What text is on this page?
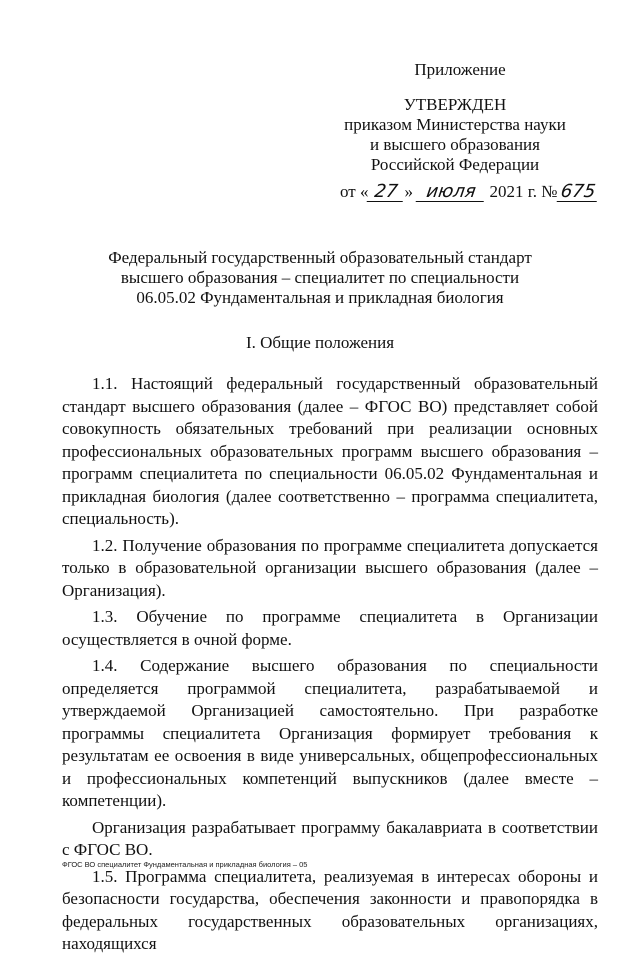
Приложение
УТВЕРЖДЕН
приказом Министерства науки
и высшего образования
Российской Федерации
от « 27 » июля 2021 г. №675
Федеральный государственный образовательный стандарт
высшего образования – специалитет по специальности
06.05.02 Фундаментальная и прикладная биология
I. Общие положения

1.1. Настоящий федеральный государственный образовательный стандарт высшего образования (далее – ФГОС ВО) представляет собой совокупность обязательных требований при реализации основных профессиональных образовательных программ высшего образования – программ специалитета по специальности 06.05.02 Фундаментальная и прикладная биология (далее соответственно – программа специалитета, специальность).

1.2. Получение образования по программе специалитета допускается только в образовательной организации высшего образования (далее – Организация).

1.3. Обучение по программе специалитета в Организации осуществляется в очной форме.

1.4. Содержание высшего образования по специальности определяется программой специалитета, разрабатываемой и утверждаемой Организацией самостоятельно. При разработке программы специалитета Организация формирует требования к результатам ее освоения в виде универсальных, общепрофессиональных и профессиональных компетенций выпускников (далее вместе – компетенции).

Организация разрабатывает программу бакалавриата в соответствии с ФГОС ВО.

1.5. Программа специалитета, реализуемая в интересах обороны и безопасности государства, обеспечения законности и правопорядка в федеральных государственных образовательных организациях, находящихся

ФГОС ВО специалитет Фундаментальная и прикладная биология – 05
